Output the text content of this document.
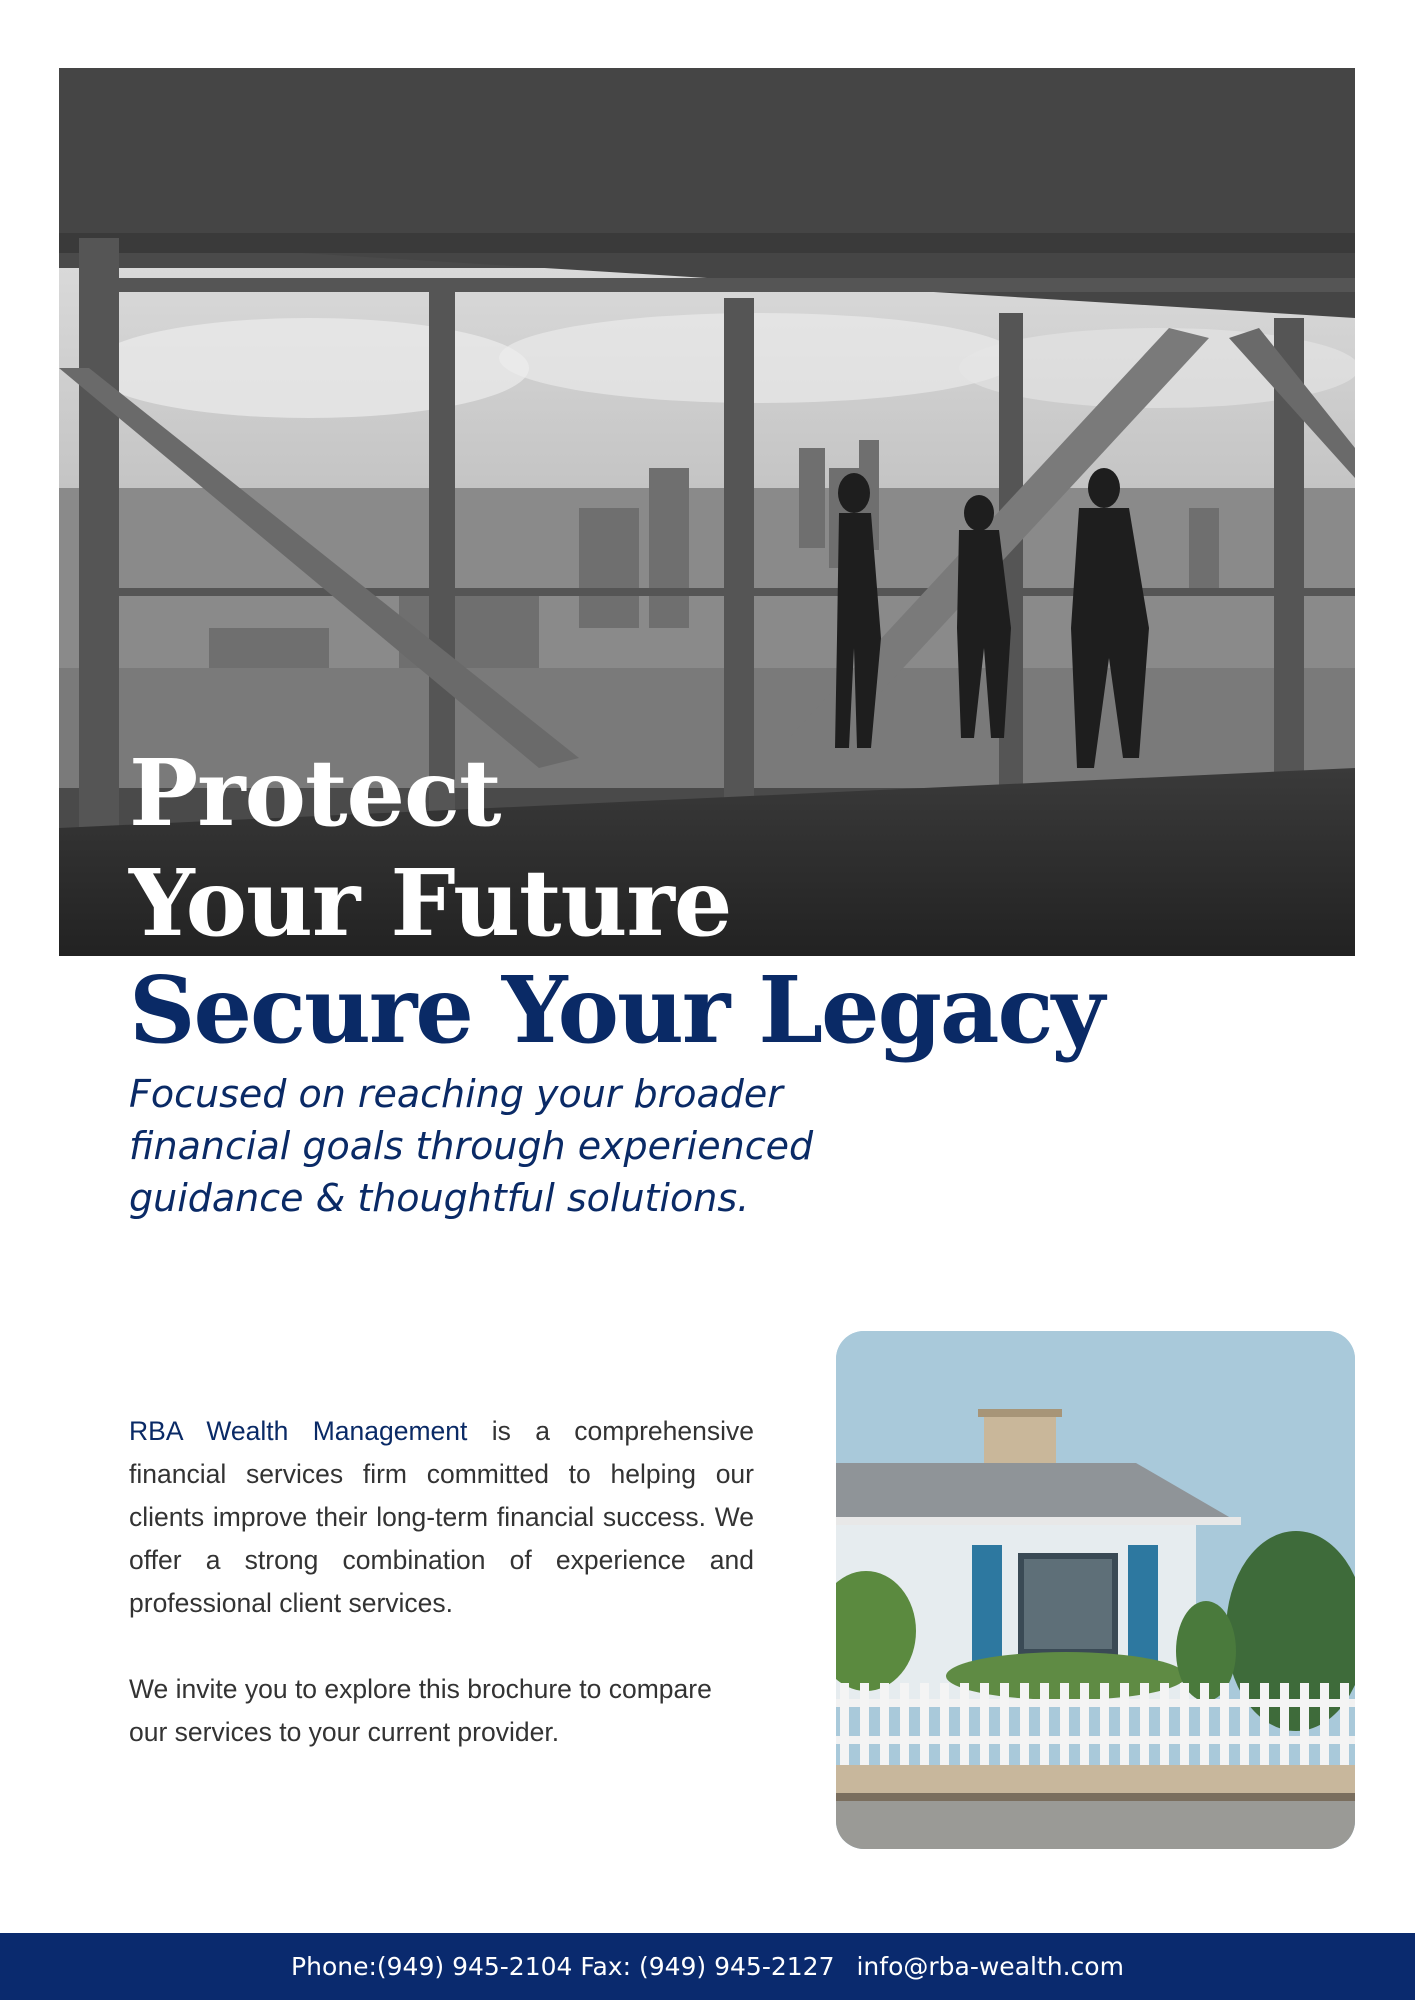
Protect
Your Future
Secure Your Legacy

Focused on reaching your broader
financial goals through experienced
guidance & thoughtful solutions.

RBA Wealth Management is a comprehensive financial services firm committed to helping our clients improve their long-term financial success. We offer a strong combination of experience and professional client services.

We invite you to explore this brochure to compare our services to your current provider.

Phone:(949) 945-2104 Fax: (949) 945-2127 info@rba-wealth.com
